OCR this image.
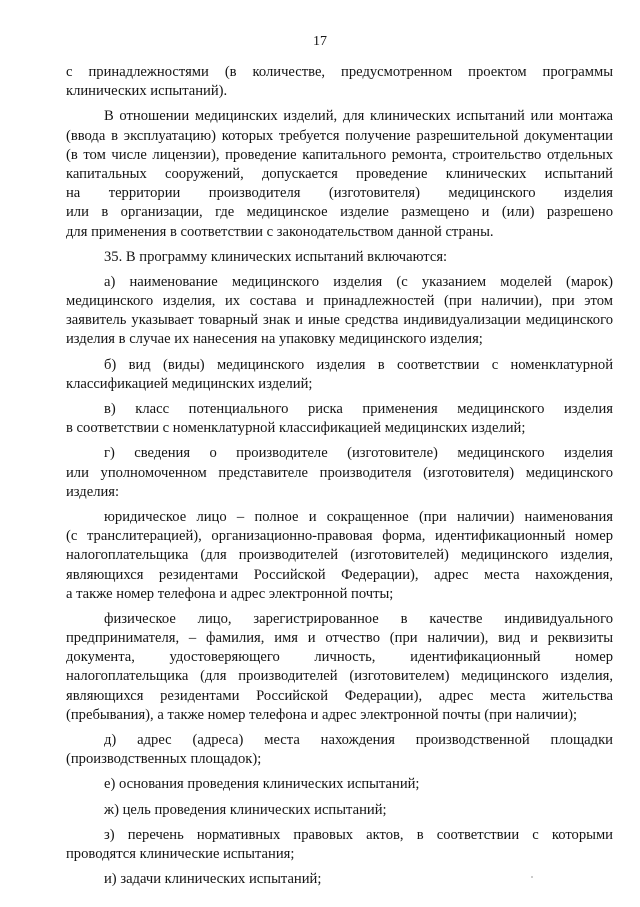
17
с принадлежностями (в количестве, предусмотренном проектом программы
клинических испытаний).
В отношении медицинских изделий, для клинических испытаний или монтажа
(ввода в эксплуатацию) которых требуется получение разрешительной документации
(в том числе лицензии), проведение капитального ремонта, строительство отдельных
капитальных сооружений, допускается проведение клинических испытаний
на территории производителя (изготовителя) медицинского изделия
или в организации, где медицинское изделие размещено и (или) разрешено
для применения в соответствии с законодательством данной страны.
35. В программу клинических испытаний включаются:
а) наименование медицинского изделия (с указанием моделей (марок)
медицинского изделия, их состава и принадлежностей (при наличии), при этом
заявитель указывает товарный знак и иные средства индивидуализации медицинского
изделия в случае их нанесения на упаковку медицинского изделия;
б) вид (виды) медицинского изделия в соответствии с номенклатурной
классификацией медицинских изделий;
в) класс потенциального риска применения медицинского изделия
в соответствии с номенклатурной классификацией медицинских изделий;
г) сведения о производителе (изготовителе) медицинского изделия
или уполномоченном представителе производителя (изготовителя) медицинского
изделия:
юридическое лицо – полное и сокращенное (при наличии) наименования
(с транслитерацией), организационно-правовая форма, идентификационный номер
налогоплательщика (для производителей (изготовителей) медицинского изделия,
являющихся резидентами Российской Федерации), адрес места нахождения,
а также номер телефона и адрес электронной почты;
физическое лицо, зарегистрированное в качестве индивидуального
предпринимателя, – фамилия, имя и отчество (при наличии), вид и реквизиты
документа, удостоверяющего личность, идентификационный номер
налогоплательщика (для производителей (изготовителем) медицинского изделия,
являющихся резидентами Российской Федерации), адрес места жительства
(пребывания), а также номер телефона и адрес электронной почты (при наличии);
д) адрес (адреса) места нахождения производственной площадки
(производственных площадок);
е) основания проведения клинических испытаний;
ж) цель проведения клинических испытаний;
з) перечень нормативных правовых актов, в соответствии с которыми
проводятся клинические испытания;
и) задачи клинических испытаний;
